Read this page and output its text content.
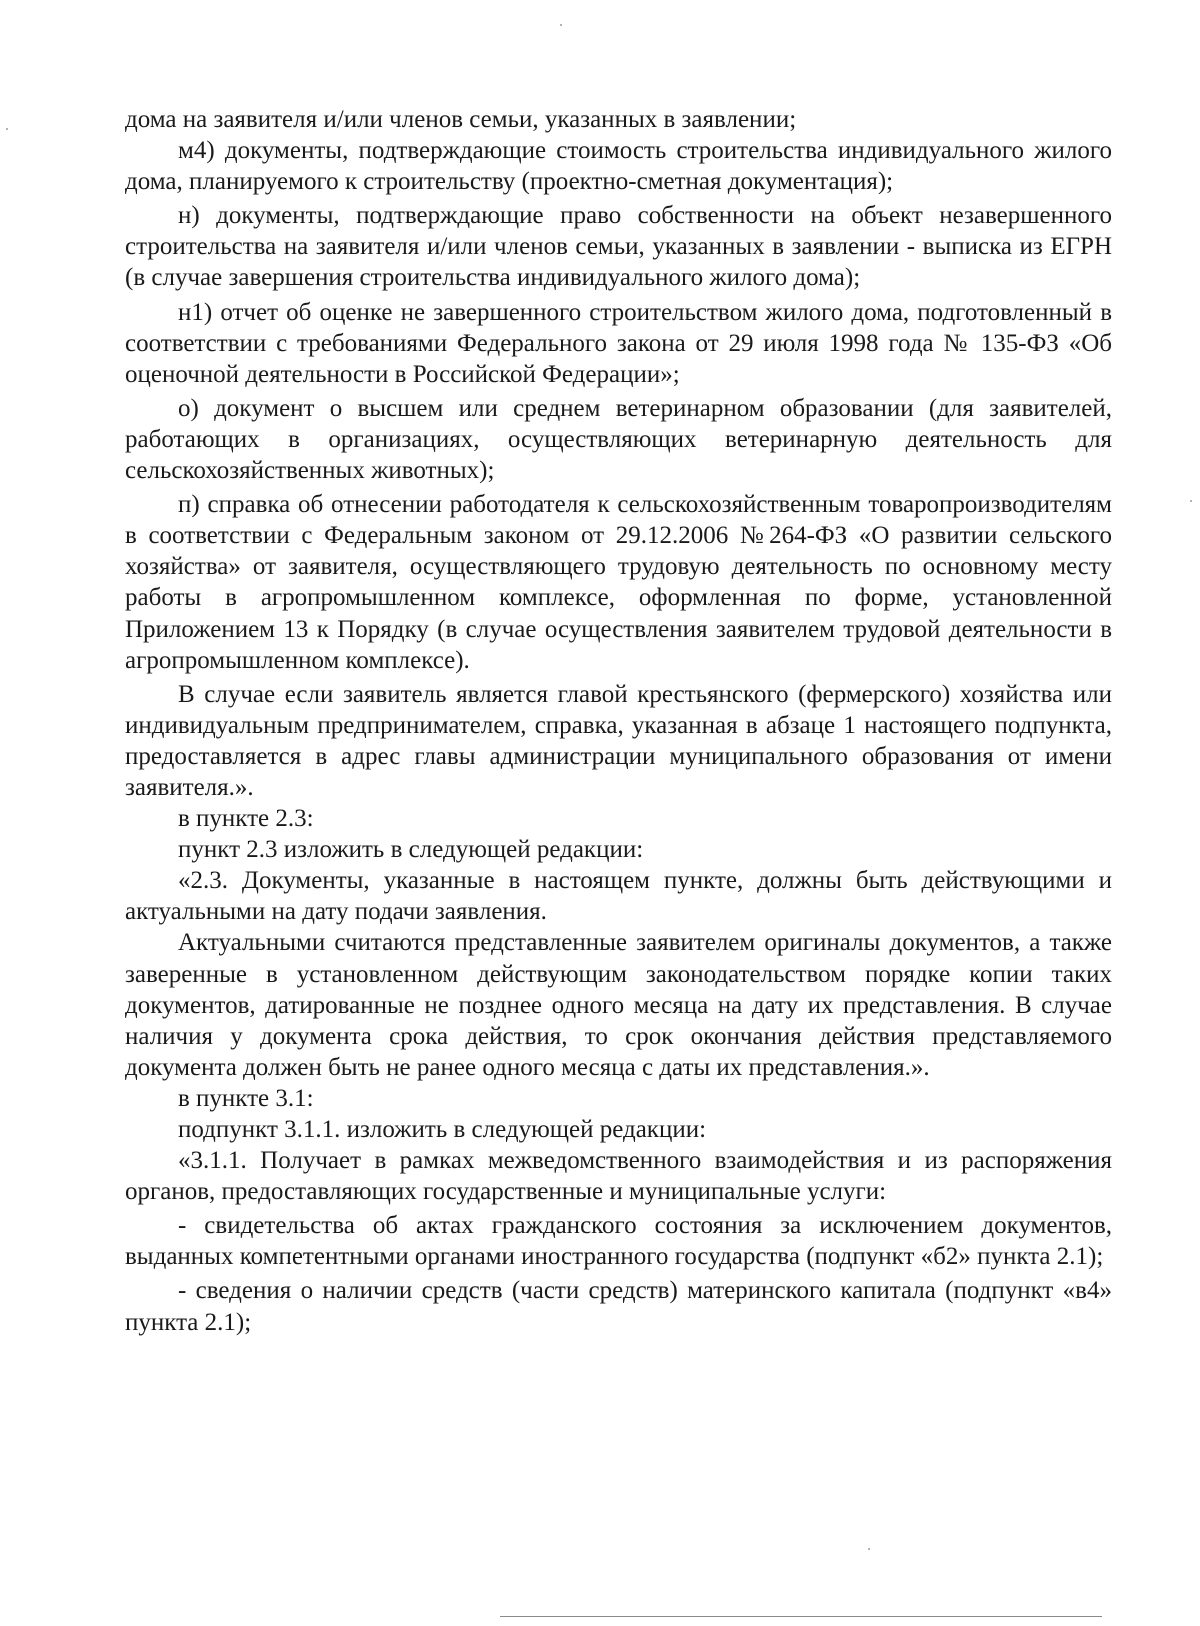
дома на заявителя и/или членов семьи, указанных в заявлении;

м4) документы, подтверждающие стоимость строительства индивидуального жилого дома, планируемого к строительству (проектно-сметная документация);

н) документы, подтверждающие право собственности на объект незавершенного строительства на заявителя и/или членов семьи, указанных в заявлении - выписка из ЕГРН (в случае завершения строительства индивидуального жилого дома);

н1) отчет об оценке не завершенного строительством жилого дома, подготовленный в соответствии с требованиями Федерального закона от 29 июля 1998 года № 135-ФЗ «Об оценочной деятельности в Российской Федерации»;

о) документ о высшем или среднем ветеринарном образовании (для заявителей, работающих в организациях, осуществляющих ветеринарную деятельность для сельскохозяйственных животных);

п) справка об отнесении работодателя к сельскохозяйственным товаропроизводителям в соответствии с Федеральным законом от 29.12.2006 №264-ФЗ «О развитии сельского хозяйства» от заявителя, осуществляющего трудовую деятельность по основному месту работы в агропромышленном комплексе, оформленная по форме, установленной Приложением 13 к Порядку (в случае осуществления заявителем трудовой деятельности в агропромышленном комплексе).

В случае если заявитель является главой крестьянского (фермерского) хозяйства или индивидуальным предпринимателем, справка, указанная в абзаце 1 настоящего подпункта, предоставляется в адрес главы администрации муниципального образования от имени заявителя.».

в пункте 2.3:

пункт 2.3 изложить в следующей редакции:

«2.3. Документы, указанные в настоящем пункте, должны быть действующими и актуальными на дату подачи заявления.

Актуальными считаются представленные заявителем оригиналы документов, а также заверенные в установленном действующим законодательством порядке копии таких документов, датированные не позднее одного месяца на дату их представления. В случае наличия у документа срока действия, то срок окончания действия представляемого документа должен быть не ранее одного месяца с даты их представления.».

в пункте 3.1:

подпункт 3.1.1. изложить в следующей редакции:

«3.1.1. Получает в рамках межведомственного взаимодействия и из распоряжения органов, предоставляющих государственные и муниципальные услуги:

- свидетельства об актах гражданского состояния за исключением документов, выданных компетентными органами иностранного государства (подпункт «б2» пункта 2.1);

- сведения о наличии средств (части средств) материнского капитала (подпункт «в4» пункта 2.1);
